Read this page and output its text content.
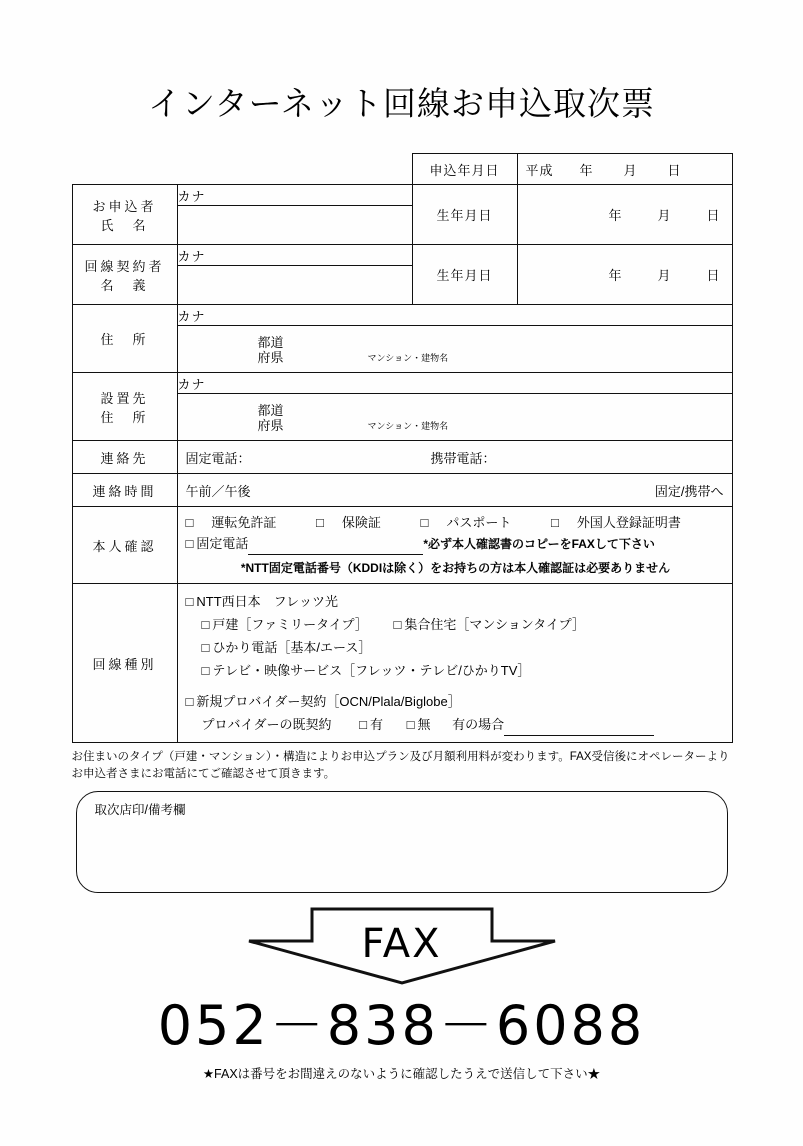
インターネット回線お申込取次票
		申込年月日	平成 年 月 日

お申込者
氏　名
	カナ	生年月日	年	月	日

回線契約者
名　義
	カナ	生年月日	年	月	日

住　所	カナ		

	都道
府県 マンション・建物名		

設置先
住　所	カナ		

	都道
府県 マンション・建物名		

連絡先	固定電話： 携帯電話：		

連絡時間	午前／午後 固定/携帯へ		

本人確認	□ 運転免許証 □ 保険証 □ パスポート □ 外国人登録証明書
□ 固定電話 *必ず本人確認書のコピーをFAXして下さい
*NTT固定電話番号（KDDIは除く）をお持ちの方は本人確認証は必要ありません		

回線種別	
□ NTT西日本　フレッツ光
□ 戸建［ファミリータイプ］ □ 集合住宅［マンションタイプ］
□ ひかり電話［基本/エース］
□ テレビ・映像サービス［フレッツ・テレビ/ひかりTV］
□ 新規プロバイダー契約［OCN/Plala/Biglobe］
プロバイダーの既契約 □ 有 □ 無 有の場合
お住まいのタイプ（戸建・マンション）・構造によりお申込プラン及び月額利用料が変わります。FAX受信後にオペレーターより
お申込者さまにお電話にてご確認させて頂きます。
取次店印/備考欄
FAX
052－838－6088
★FAXは番号をお間違えのないように確認したうえで送信して下さい★
